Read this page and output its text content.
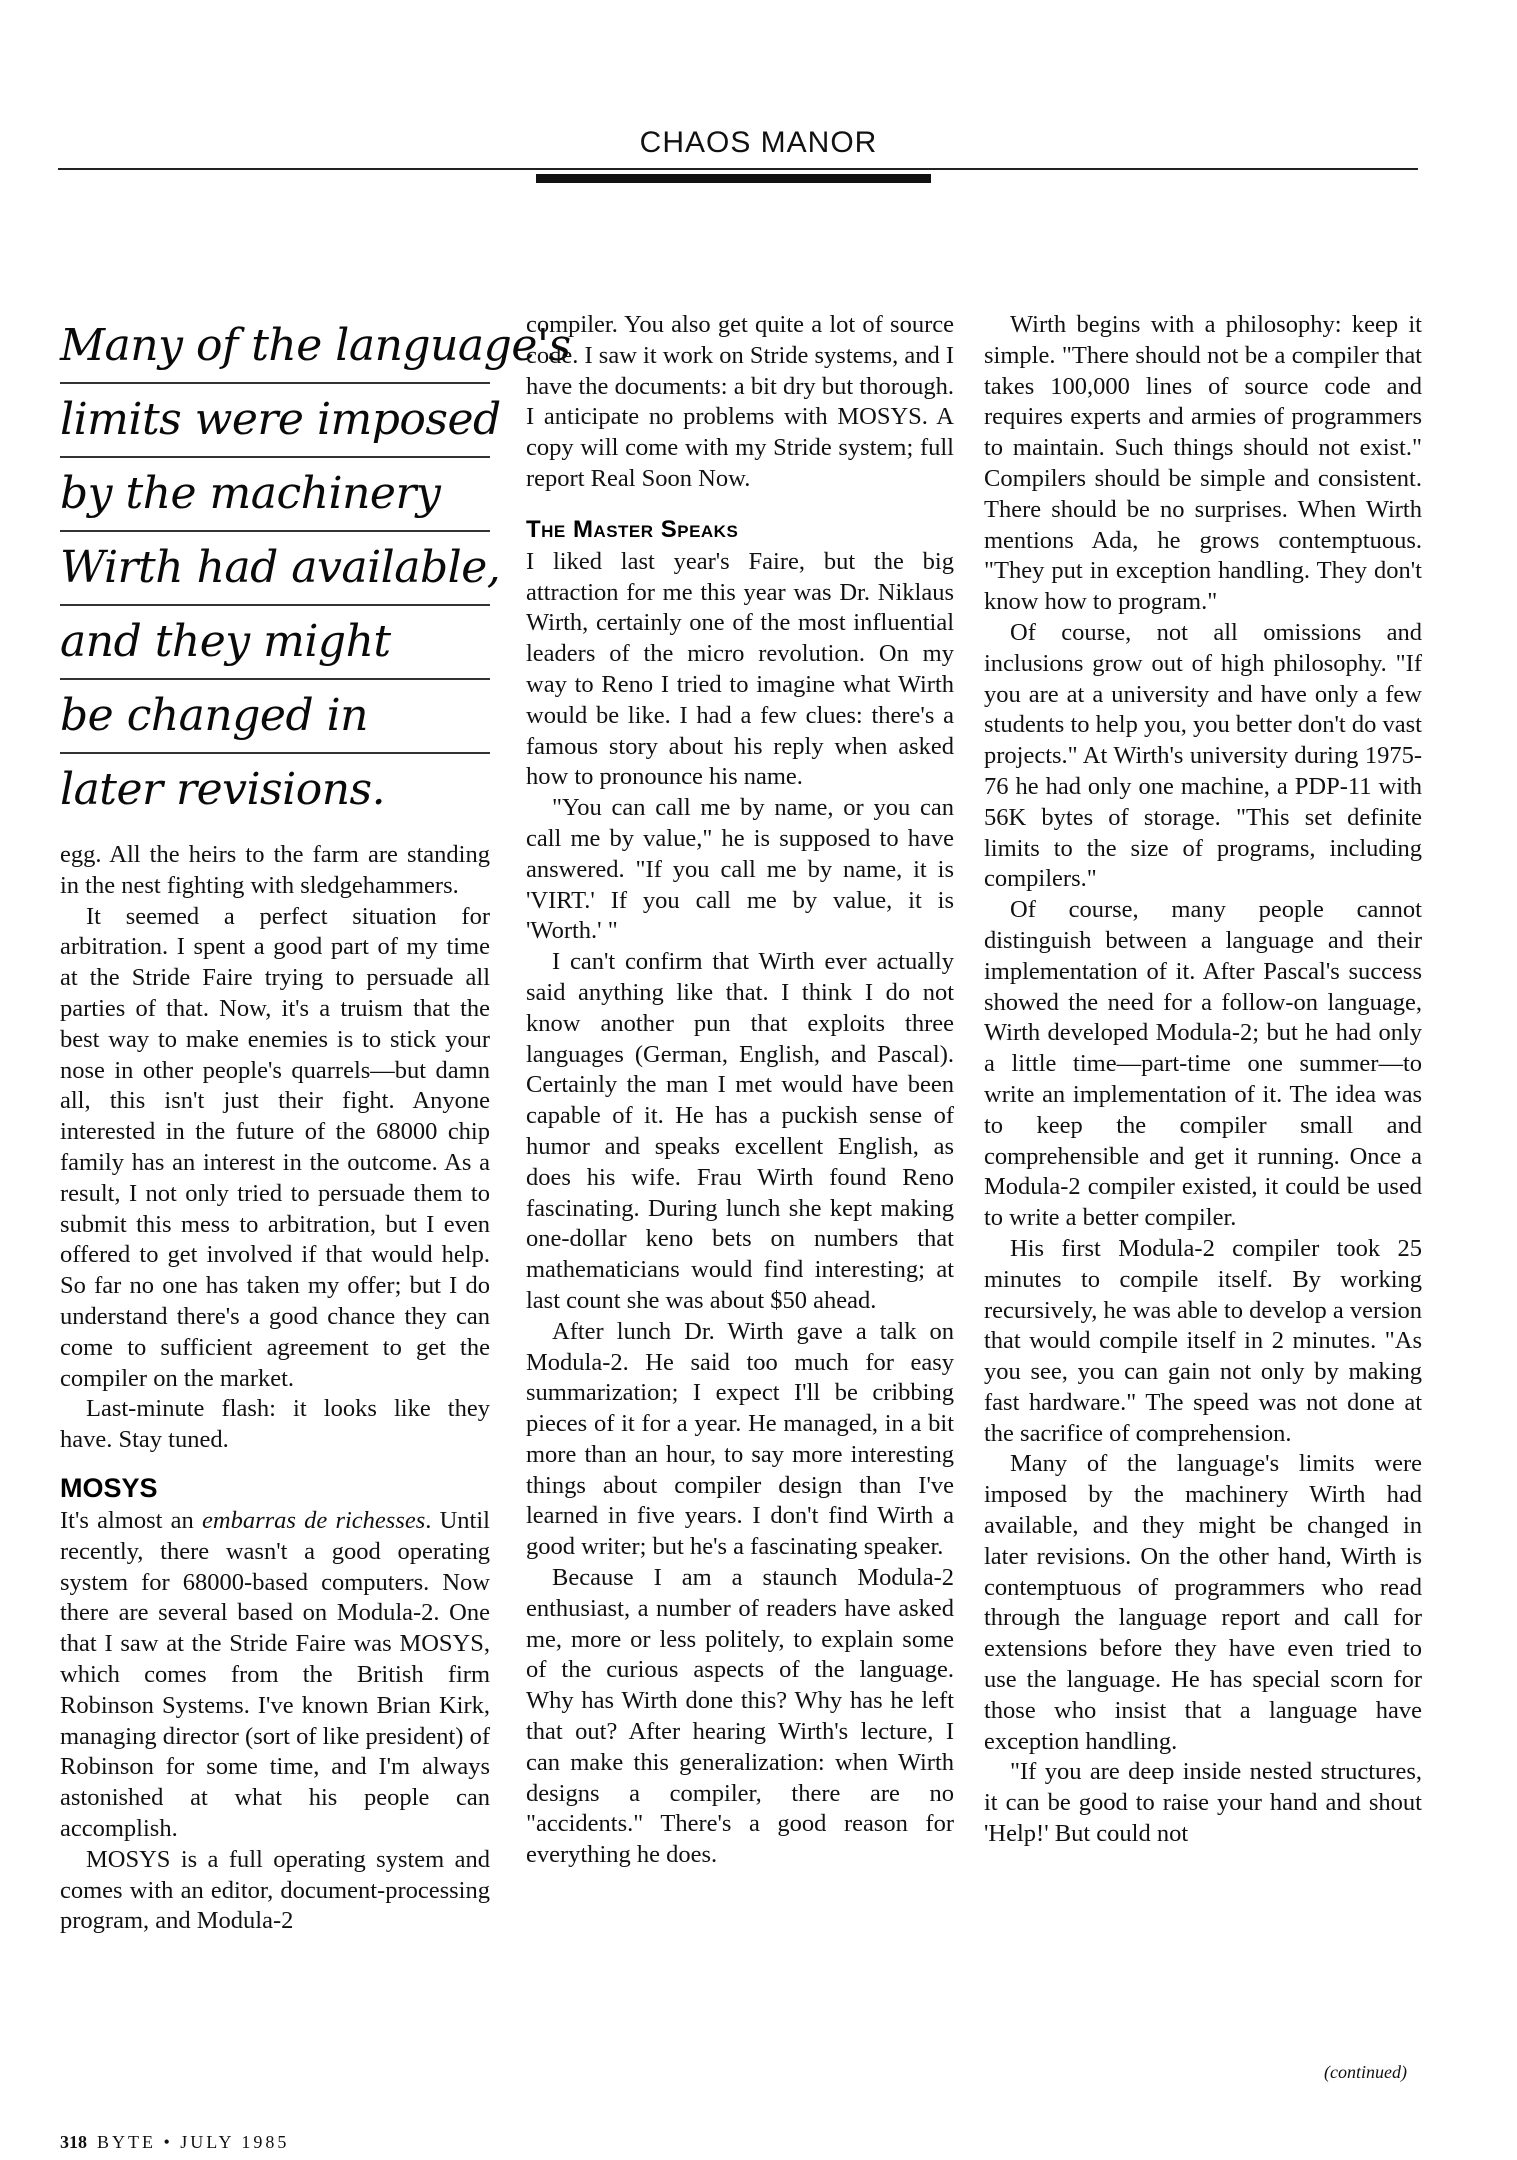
CHAOS MANOR
Many of the language's
limits were imposed
by the machinery
Wirth had available,
and they might
be changed in
later revisions.

egg. All the heirs to the farm are standing in the nest fighting with sledgehammers.

It seemed a perfect situation for arbitration. I spent a good part of my time at the Stride Faire trying to persuade all parties of that. Now, it's a truism that the best way to make enemies is to stick your nose in other people's quarrels—but damn all, this isn't just their fight. Anyone interested in the future of the 68000 chip family has an interest in the outcome. As a result, I not only tried to persuade them to submit this mess to arbitration, but I even offered to get involved if that would help. So far no one has taken my offer; but I do understand there's a good chance they can come to sufficient agreement to get the compiler on the market.

Last-minute flash: it looks like they have. Stay tuned.

MOSYS

It's almost an embarras de richesses. Until recently, there wasn't a good operating system for 68000-based computers. Now there are several based on Modula-2. One that I saw at the Stride Faire was MOSYS, which comes from the British firm Robinson Systems. I've known Brian Kirk, managing director (sort of like president) of Robinson for some time, and I'm always astonished at what his people can accomplish.

MOSYS is a full operating system and comes with an editor, document-processing program, and Modula-2

compiler. You also get quite a lot of source code. I saw it work on Stride systems, and I have the documents: a bit dry but thorough. I anticipate no problems with MOSYS. A copy will come with my Stride system; full report Real Soon Now.

The Master Speaks

I liked last year's Faire, but the big attraction for me this year was Dr. Niklaus Wirth, certainly one of the most influential leaders of the micro revolution. On my way to Reno I tried to imagine what Wirth would be like. I had a few clues: there's a famous story about his reply when asked how to pronounce his name.

"You can call me by name, or you can call me by value," he is supposed to have answered. "If you call me by name, it is 'VIRT.' If you call me by value, it is 'Worth.' "

I can't confirm that Wirth ever actually said anything like that. I think I do not know another pun that exploits three languages (German, English, and Pascal). Certainly the man I met would have been capable of it. He has a puckish sense of humor and speaks excellent English, as does his wife. Frau Wirth found Reno fascinating. During lunch she kept making one-dollar keno bets on numbers that mathematicians would find interesting; at last count she was about $50 ahead.

After lunch Dr. Wirth gave a talk on Modula-2. He said too much for easy summarization; I expect I'll be cribbing pieces of it for a year. He managed, in a bit more than an hour, to say more interesting things about compiler design than I've learned in five years. I don't find Wirth a good writer; but he's a fascinating speaker.

Because I am a staunch Modula-2 enthusiast, a number of readers have asked me, more or less politely, to explain some of the curious aspects of the language. Why has Wirth done this? Why has he left that out? After hearing Wirth's lecture, I can make this generalization: when Wirth designs a compiler, there are no "accidents." There's a good reason for everything he does.

Wirth begins with a philosophy: keep it simple. "There should not be a compiler that takes 100,000 lines of source code and requires experts and armies of programmers to maintain. Such things should not exist." Compilers should be simple and consistent. There should be no surprises. When Wirth mentions Ada, he grows contemptuous. "They put in exception handling. They don't know how to program."

Of course, not all omissions and inclusions grow out of high philosophy. "If you are at a university and have only a few students to help you, you better don't do vast projects." At Wirth's university during 1975-76 he had only one machine, a PDP-11 with 56K bytes of storage. "This set definite limits to the size of programs, including compilers."

Of course, many people cannot distinguish between a language and their implementation of it. After Pascal's success showed the need for a follow-on language, Wirth developed Modula-2; but he had only a little time—part-time one summer—to write an implementation of it. The idea was to keep the compiler small and comprehensible and get it running. Once a Modula-2 compiler existed, it could be used to write a better compiler.

His first Modula-2 compiler took 25 minutes to compile itself. By working recursively, he was able to develop a version that would compile itself in 2 minutes. "As you see, you can gain not only by making fast hardware." The speed was not done at the sacrifice of comprehension.

Many of the language's limits were imposed by the machinery Wirth had available, and they might be changed in later revisions. On the other hand, Wirth is contemptuous of programmers who read through the language report and call for extensions before they have even tried to use the language. He has special scorn for those who insist that a language have exception handling.

"If you are deep inside nested structures, it can be good to raise your hand and shout 'Help!' But could not

(continued)
318 BYTE • JULY 1985
